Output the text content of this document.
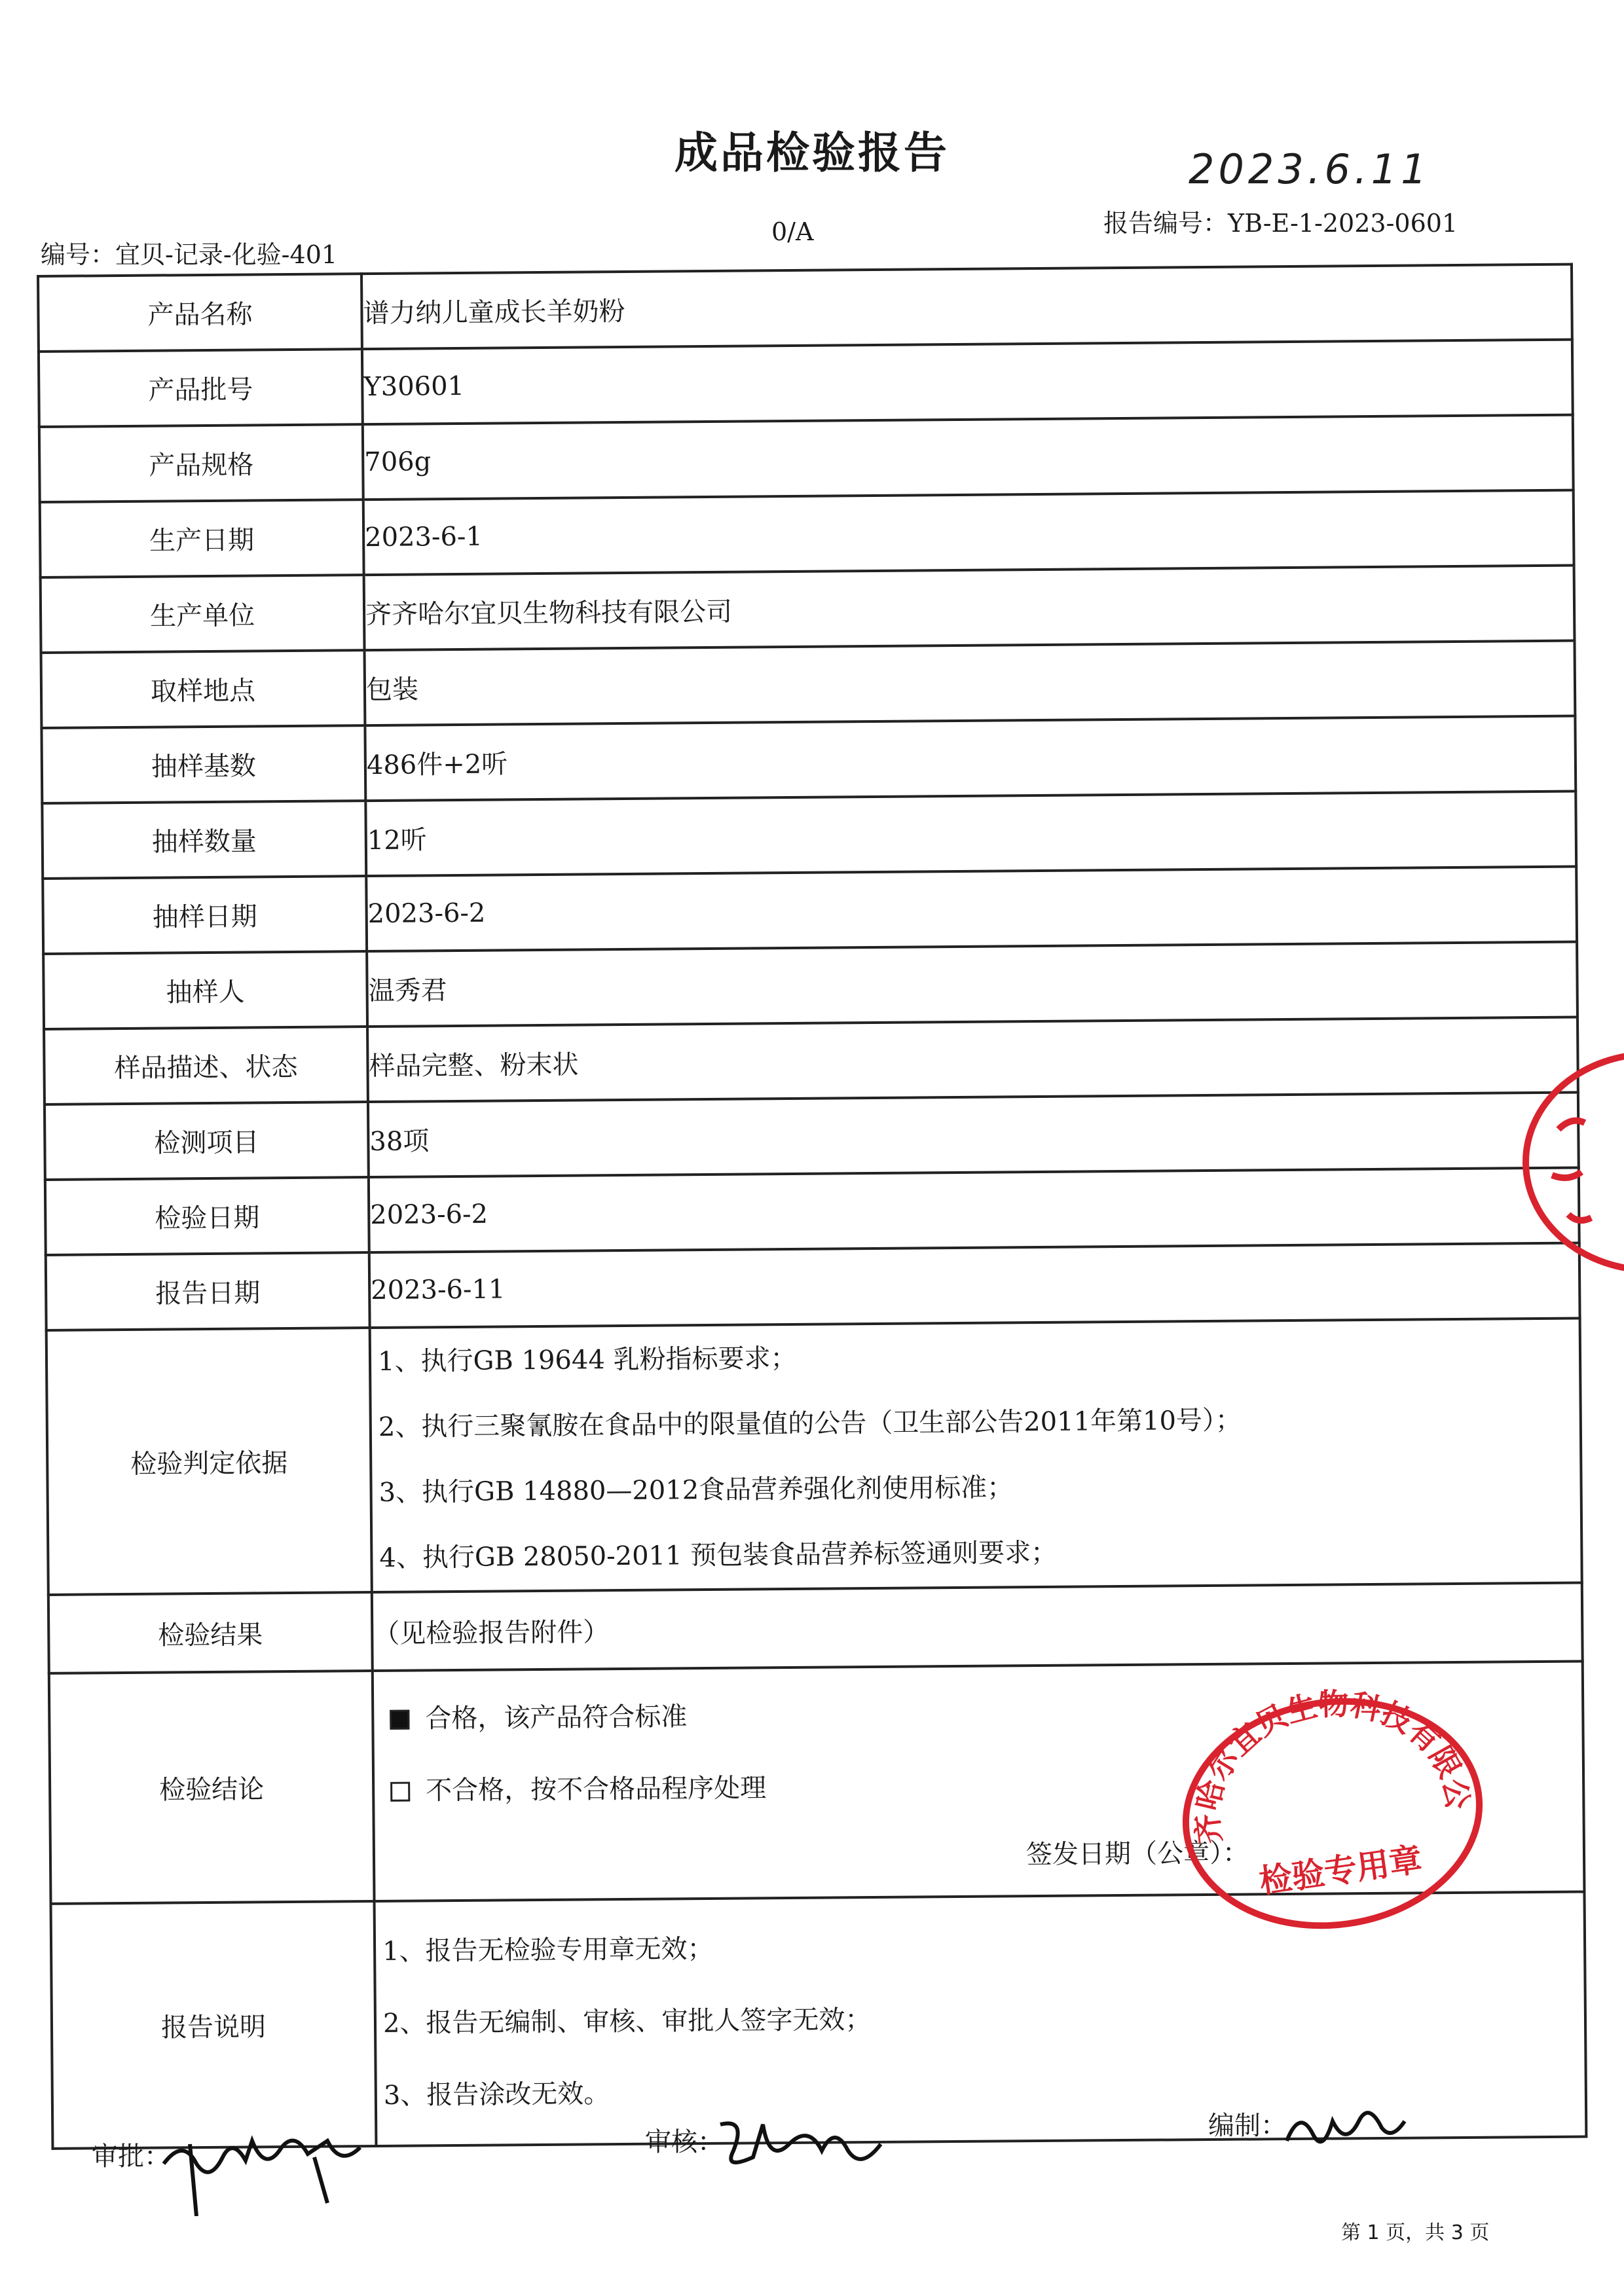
成品检验报告
编号：宜贝-记录-化验-401
0/A	报告编号：YB-E-1-2023-0601
产品名称	谱力纳儿童成长羊奶粉
产品批号	Y30601
产品规格	706g
生产日期	2023-6-1
生产单位	齐齐哈尔宜贝生物科技有限公司
取样地点	包装
抽样基数	486件+2听
抽样数量	12听
抽样日期	2023-6-2
抽样人	温秀君
样品描述、状态	样品完整、粉末状
检测项目	38项
检验日期	2023-6-2
报告日期	2023-6-11
检验判定依据	1、执行GB 19644 乳粉指标要求；
2、执行三聚氰胺在食品中的限量值的公告（卫生部公告2011年第10号）；
3、执行GB 14880—2012食品营养强化剂使用标准；
4、执行GB 28050-2011 预包装食品营养标签通则要求；

检验结果	（见检验报告附件）
检验结论	合格，该产品符合标准
不合格，按不合格品程序处理
签发日期（公章）：

报告说明	1、报告无检验专用章无效；
2、报告无编制、审核、审批人签字无效；
3、报告涂改无效。
2023.6.11
齐齐哈尔宜贝生物科技有限公司
检验专用章
审批：	审核：
编制：
第 1 页，共 3 页
